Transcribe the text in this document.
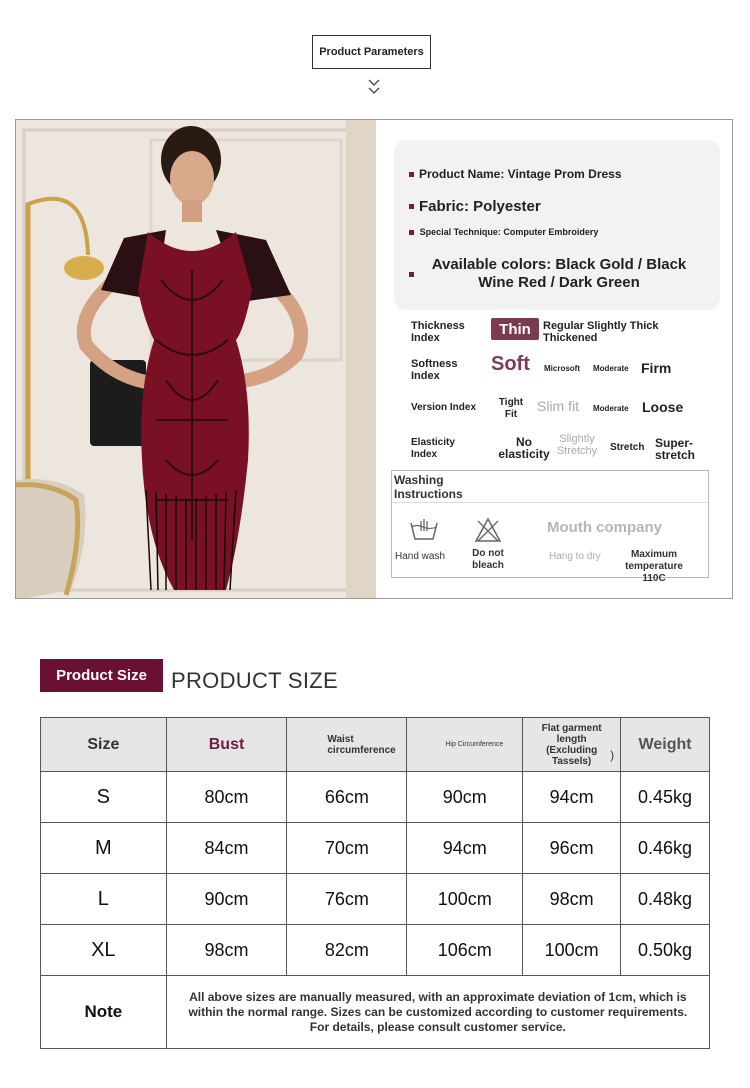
Product Parameters
Product Name: Vintage Prom Dress
Fabric: Polyester
Special Technique: Computer Embroidery
Available colors: Black Gold / Black Wine Red / Dark Green
Thickness Index
Thin	Regular Slightly Thick Thickened
Softness Index
Soft Microsoft Moderate Firm
Version Index Tight Fit
Slim fit Moderate Loose
Elasticity Index
No elasticity
Slightly Stretchy	Stretch Super-stretch
Washing Instructions
Hand wash	Do not bleach
Mouth company
Hang to dry	Maximum temperature 110C
Product Size	PRODUCT SIZE
Size	Bust	Waist circumference	Hip Circumference	Flat garment length (Excluding Tassels) )	Weight
S	80cm	66cm	90cm	94cm	0.45kg
M	84cm	70cm	94cm	96cm	0.46kg
L	90cm	76cm	100cm	98cm	0.48kg
XL	98cm	82cm	106cm	100cm	0.50kg
Note	All above sizes are manually measured, with an approximate deviation of 1cm, which is within the normal range. Sizes can be customized according to customer requirements. For details, please consult customer service.				
